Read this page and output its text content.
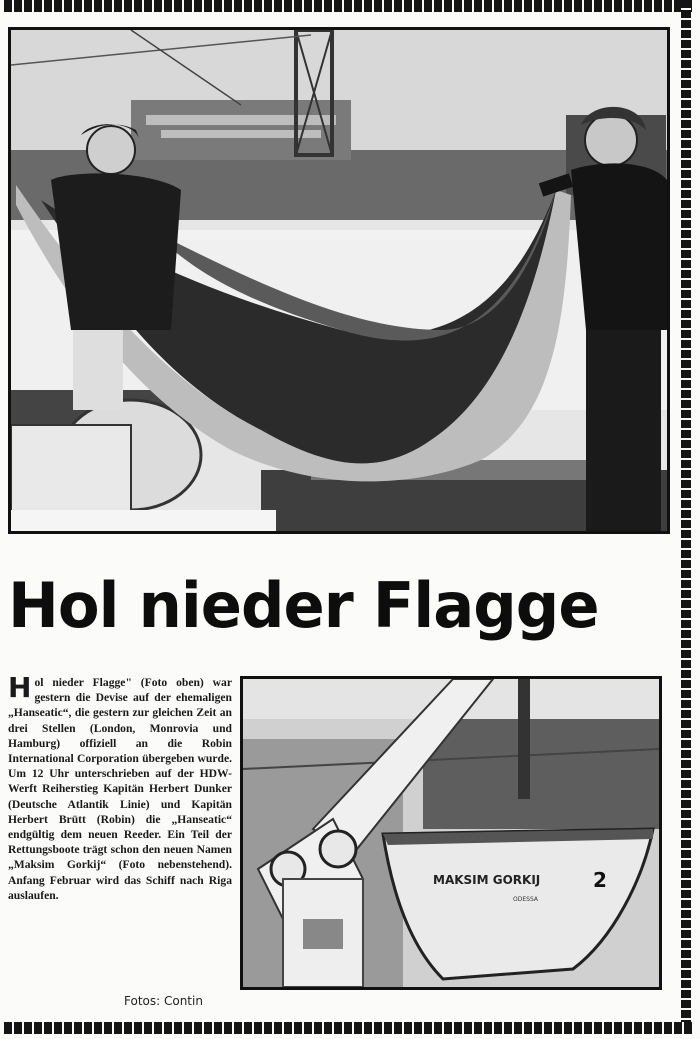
Hol nieder Flagge
Hol nieder Flagge" (Foto oben) war gestern die Devise auf der ehemaligen „Hanseatic“, die gestern zur gleichen Zeit an drei Stellen (London, Monrovia und Hamburg) offiziell an die Robin International Corporation übergeben wurde. Um 12 Uhr unterschrieben auf der HDW-Werft Reiherstieg Kapitän Herbert Dunker (Deutsche Atlantik Linie) und Kapitän Herbert Brütt (Robin) die „Hanseatic“ endgültig dem neuen Reeder. Ein Teil der Rettungsboote trägt schon den neuen Namen „Maksim Gorkij“ (Foto nebenstehend). Anfang Februar wird das Schiff nach Riga auslaufen.
MAKSIM GORKIJ	2
ODESSA
Fotos: Contin
